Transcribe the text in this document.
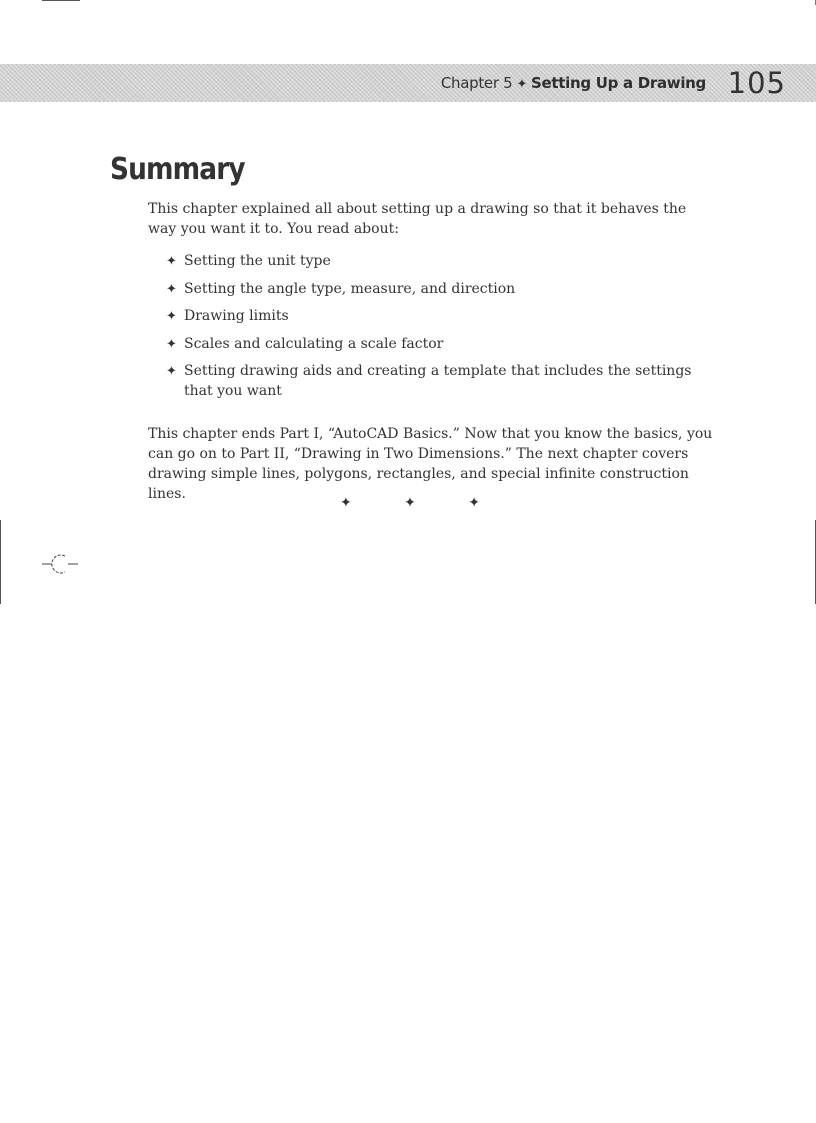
Chapter 5 ✦ Setting Up a Drawing 105
Summary

This chapter explained all about setting up a drawing so that it behaves the way you want it to. You read about:

✦ Setting the unit type
✦ Setting the angle type, measure, and direction
✦ Drawing limits
✦ Scales and calculating a scale factor
✦ Setting drawing aids and creating a template that includes the settings that you want

This chapter ends Part I, “AutoCAD Basics.” Now that you know the basics, you can go on to Part II, “Drawing in Two Dimensions.” The next chapter covers drawing simple lines, polygons, rectangles, and special infinite construction lines.

✦	✦	✦
